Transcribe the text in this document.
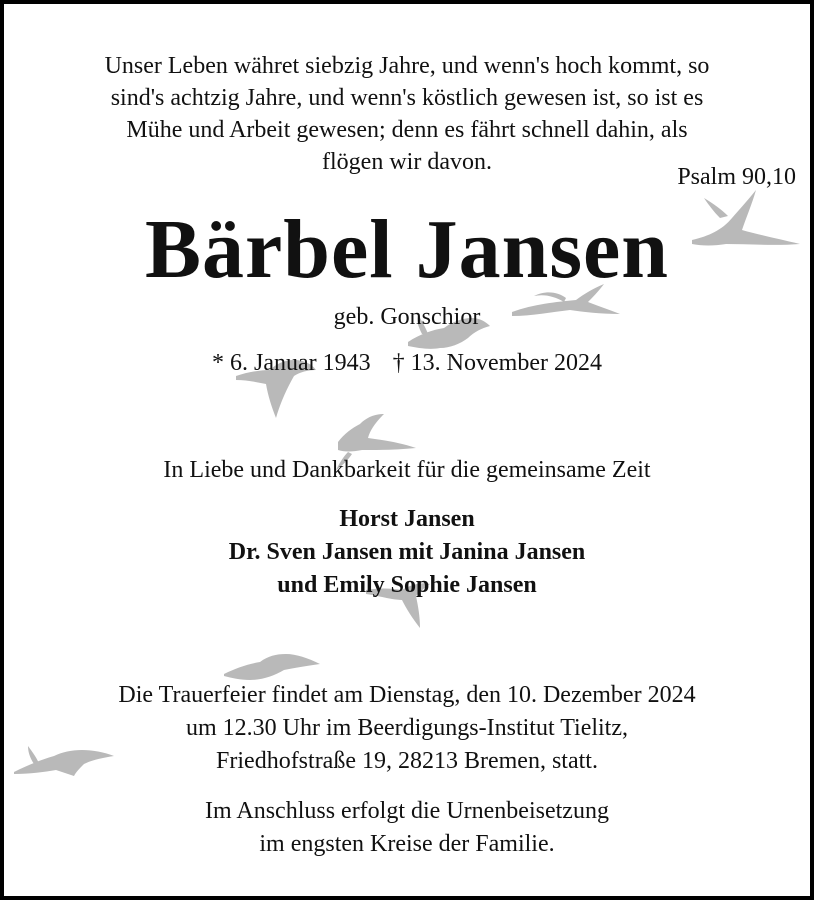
Unser Leben währet siebzig Jahre, und wenn's hoch kommt, so
sind's achtzig Jahre, und wenn's köstlich gewesen ist, so ist es
Mühe und Arbeit gewesen; denn es fährt schnell dahin, als
flögen wir davon.

Psalm 90,10

Bärbel Jansen

geb. Gonschior

* 6. Januar 1943 † 13. November 2024

In Liebe und Dankbarkeit für die gemeinsame Zeit

Horst Jansen
Dr. Sven Jansen mit Janina Jansen
und Emily Sophie Jansen
Die Trauerfeier findet am Dienstag, den 10. Dezember 2024
um 12.30 Uhr im Beerdigungs-Institut Tielitz,
Friedhofstraße 19, 28213 Bremen, statt.
Im Anschluss erfolgt die Urnenbeisetzung
im engsten Kreise der Familie.
